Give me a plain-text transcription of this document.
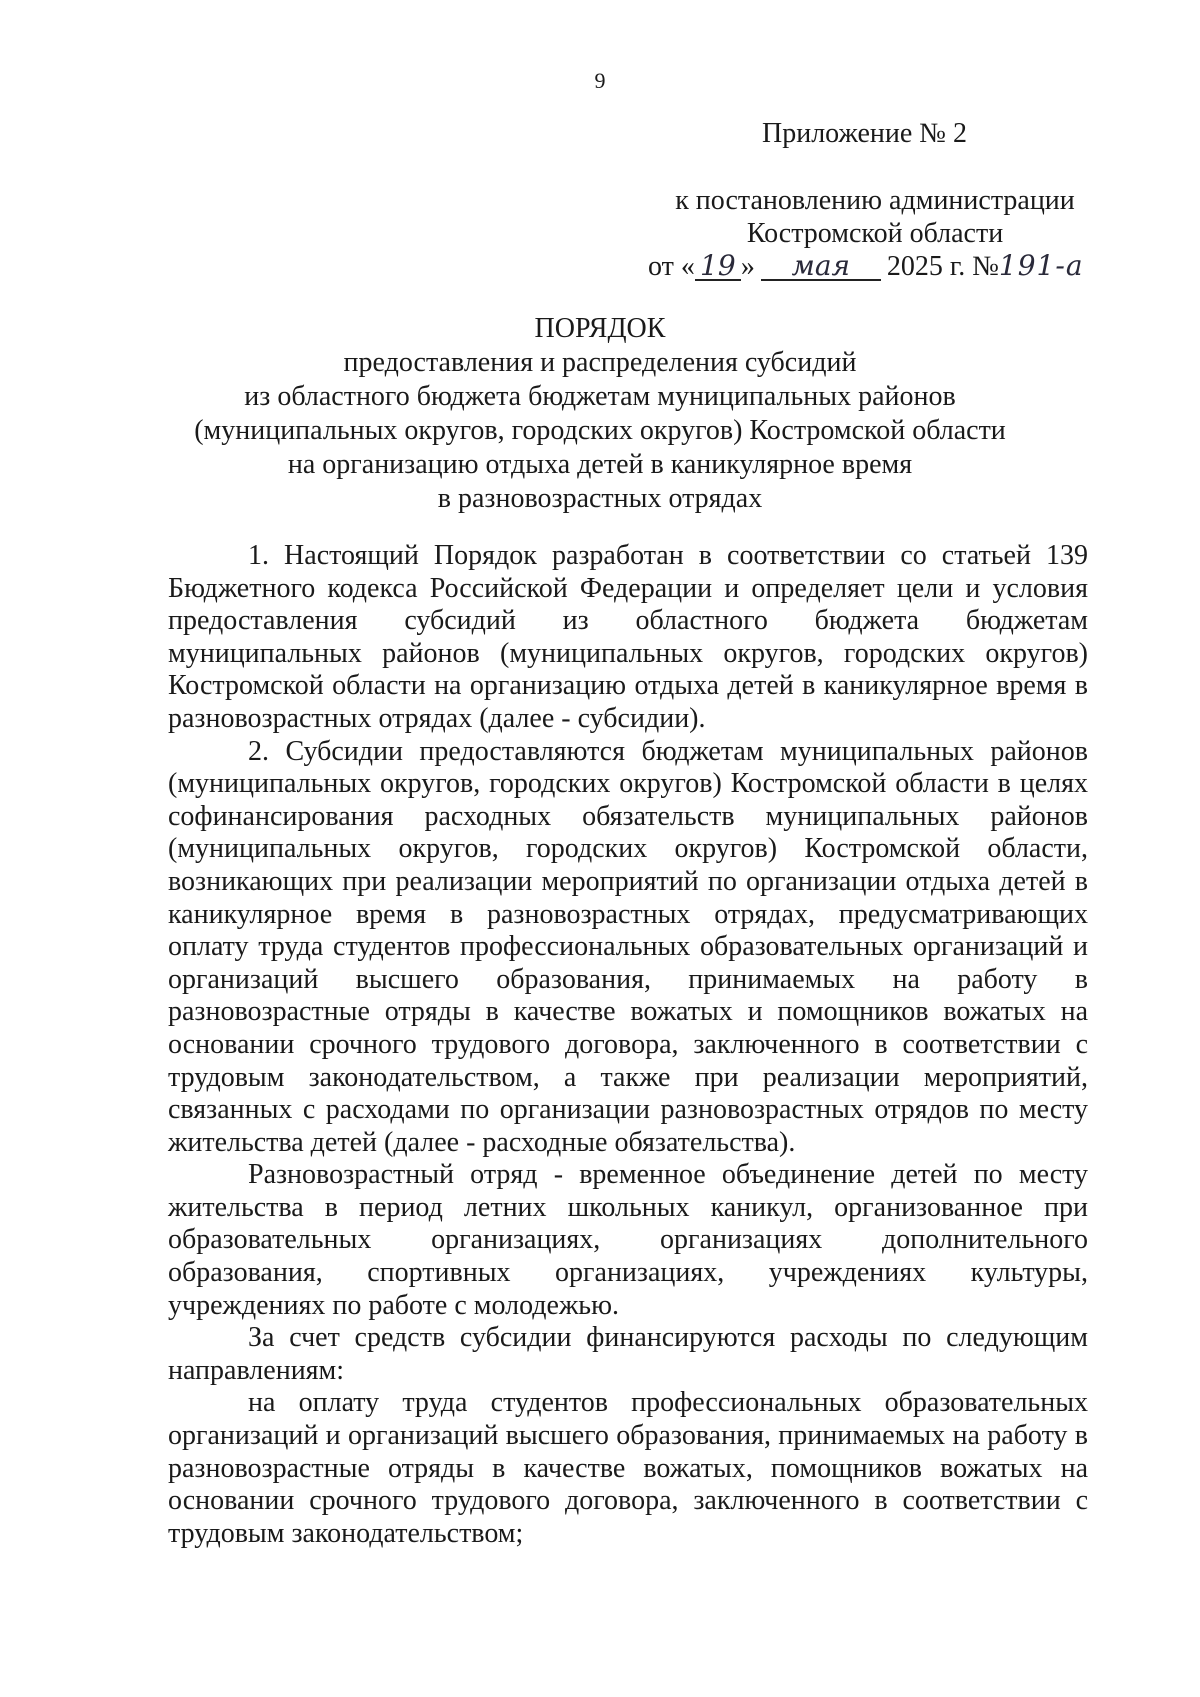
9
Приложение № 2
к постановлению администрации
Костромской области
от « 19 » мая 2025 г. №191-а
ПОРЯДОК
предоставления и распределения субсидий
из областного бюджета бюджетам муниципальных районов
(муниципальных округов, городских округов) Костромской области
на организацию отдыха детей в каникулярное время
в разновозрастных отрядах

1. Настоящий Порядок разработан в соответствии со статьей 139 Бюджетного кодекса Российской Федерации и определяет цели и условия предоставления субсидий из областного бюджета бюджетам муниципальных районов (муниципальных округов, городских округов) Костромской области на организацию отдыха детей в каникулярное время в разновозрастных отрядах (далее - субсидии).

2. Субсидии предоставляются бюджетам муниципальных районов (муниципальных округов, городских округов) Костромской области в целях софинансирования расходных обязательств муниципальных районов (муниципальных округов, городских округов) Костромской области, возникающих при реализации мероприятий по организации отдыха детей в каникулярное время в разновозрастных отрядах, предусматривающих оплату труда студентов профессиональных образовательных организаций и организаций высшего образования, принимаемых на работу в разновозрастные отряды в качестве вожатых и помощников вожатых на основании срочного трудового договора, заключенного в соответствии с трудовым законодательством, а также при реализации мероприятий, связанных с расходами по организации разновозрастных отрядов по месту жительства детей (далее - расходные обязательства).

Разновозрастный отряд - временное объединение детей по месту жительства в период летних школьных каникул, организованное при образовательных организациях, организациях дополнительного образования, спортивных организациях, учреждениях культуры, учреждениях по работе с молодежью.

За счет средств субсидии финансируются расходы по следующим направлениям:

на оплату труда студентов профессиональных образовательных организаций и организаций высшего образования, принимаемых на работу в разновозрастные отряды в качестве вожатых, помощников вожатых на основании срочного трудового договора, заключенного в соответствии с трудовым законодательством;
